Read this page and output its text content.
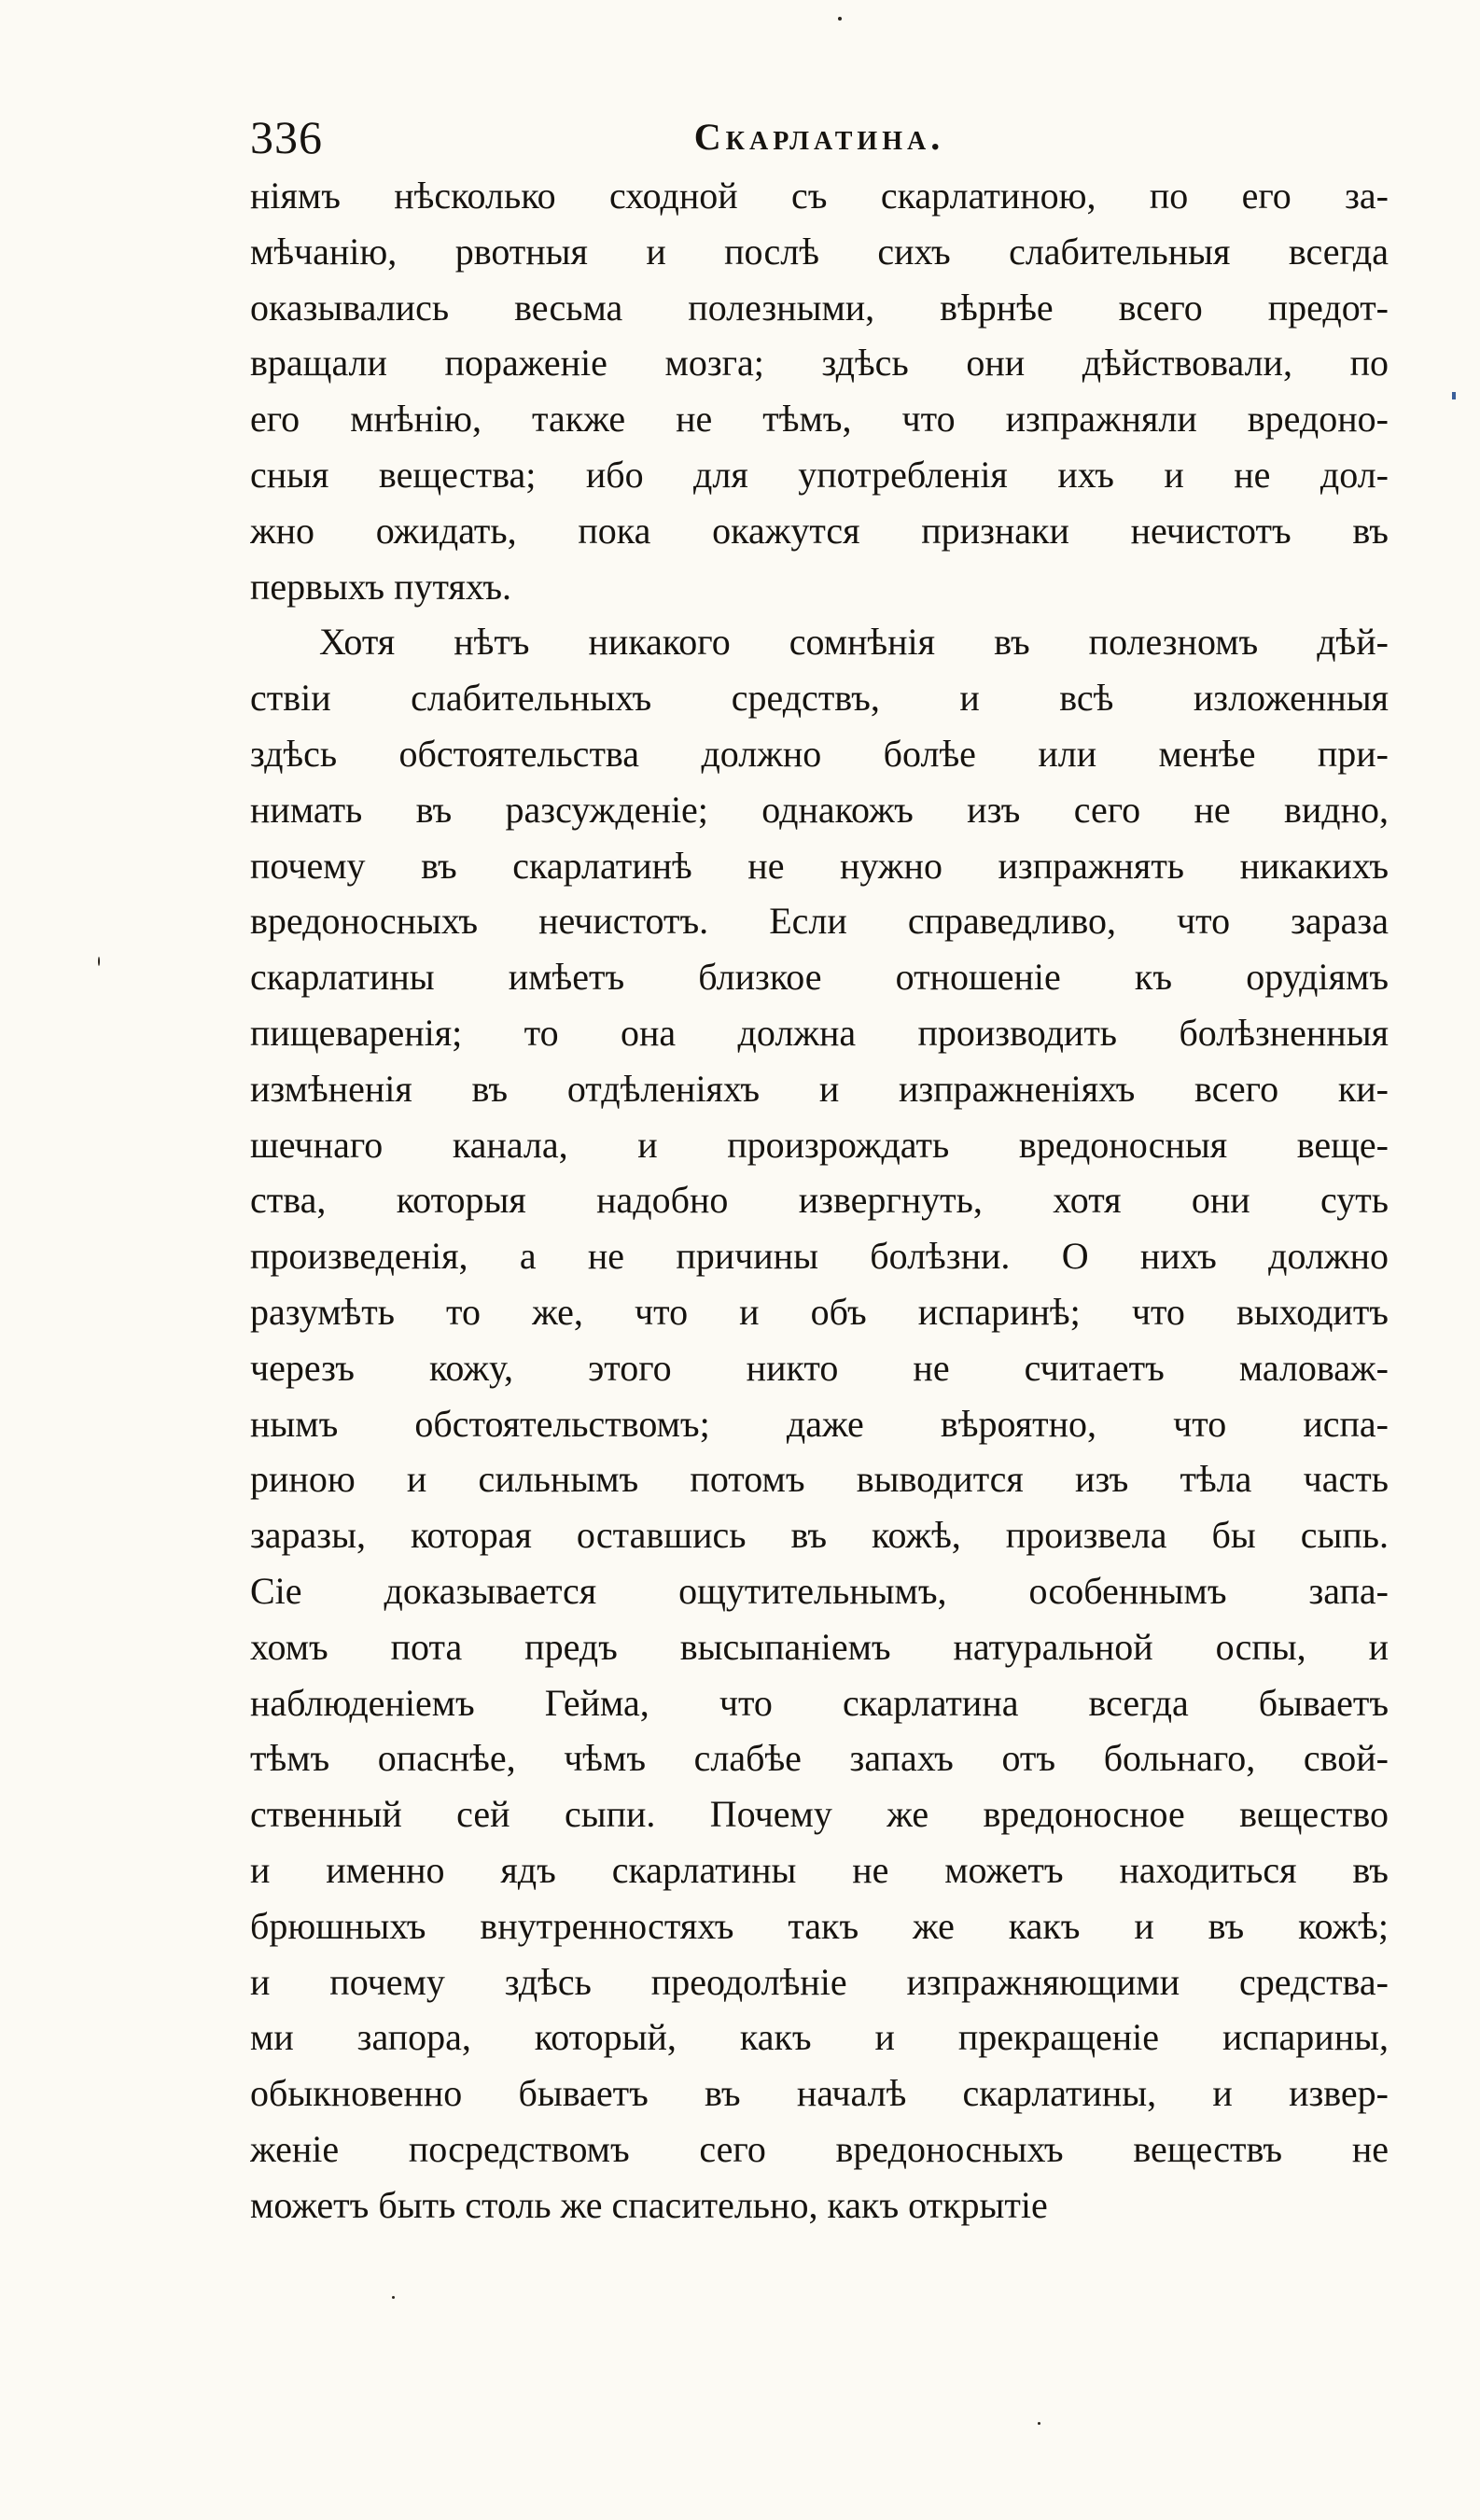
336	Скарлатина.
нiямъ нѣсколько сходной съ скарлатиною, по его за-
мѣчанiю, рвотныя и послѣ сихъ слабительныя всегда
оказывались весьма полезными, вѣрнѣе всего предот-
вращали пораженiе мозга; здѣсь они дѣйствовали, по
его мнѣнiю, также не тѣмъ, что изпражняли вредоно-
сныя вещества; ибо для употребленiя ихъ и не дол-
жно ожидать, пока окажутся признаки нечистотъ въ
первыхъ путяхъ.
Хотя нѣтъ никакого сомнѣнiя въ полезномъ дѣй-
ствiи слабительныхъ средствъ, и всѣ изложенныя
здѣсь обстоятельства должно болѣе или менѣе при-
нимать въ разсужденiе; однакожъ изъ сего не видно,
почему въ скарлатинѣ не нужно изпражнять никакихъ
вредоносныхъ нечистотъ. Если справедливо, что зараза
скарлатины имѣетъ близкое отношенiе къ орудiямъ
пищеваренiя; то она должна производить болѣзненныя
измѣненiя въ отдѣленiяхъ и изпражненiяхъ всего ки-
шечнаго канала, и произрождать вредоносныя веще-
ства, которыя надобно извергнуть, хотя они суть
произведенiя, а не причины болѣзни. О нихъ должно
разумѣть то же, что и объ испаринѣ; что выходитъ
черезъ кожу, этого никто не считаетъ маловаж-
нымъ обстоятельствомъ; даже вѣроятно, что испа-
риною и сильнымъ потомъ выводится изъ тѣла часть
заразы, которая оставшись въ кожѣ, произвела бы сыпь.
Сiе доказывается ощутительнымъ, особеннымъ запа-
хомъ пота предъ высыпанiемъ натуральной оспы, и
наблюденiемъ Гейма, что скарлатина всегда бываетъ
тѣмъ опаснѣе, чѣмъ слабѣе запахъ отъ больнаго, свой-
ственный сей сыпи. Почему же вредоносное вещество
и именно ядъ скарлатины не можетъ находиться въ
брюшныхъ внутренностяхъ такъ же какъ и въ кожѣ;
и почему здѣсь преодолѣнiе изпражняющими средства-
ми запора, который, какъ и прекращенiе испарины,
обыкновенно бываетъ въ началѣ скарлатины, и извер-
женiе посредствомъ сего вредоносныхъ веществъ не
можетъ быть столь же спасительно, какъ открытiе
